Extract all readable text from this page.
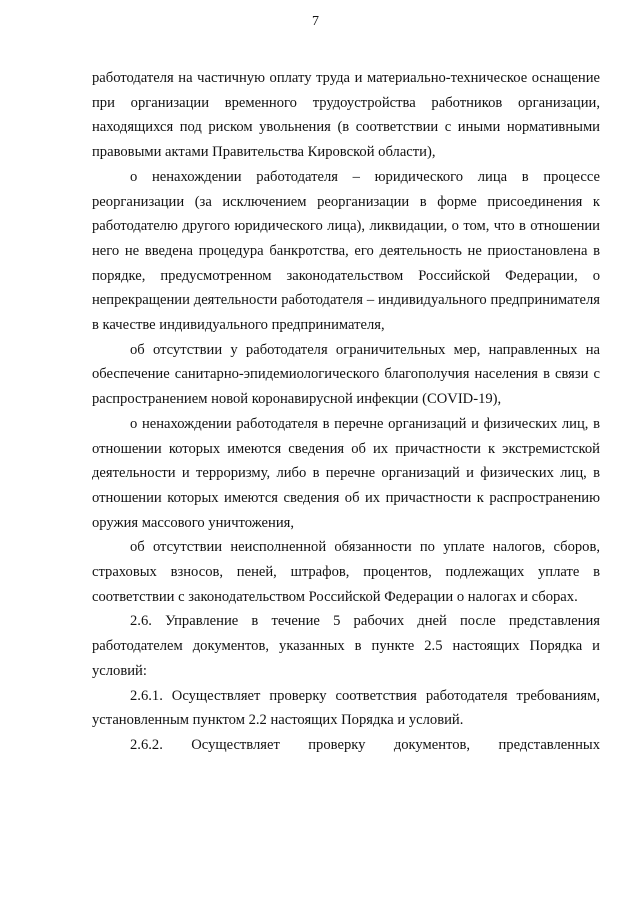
7

работодателя на частичную оплату труда и материально-техническое оснащение при организации временного трудоустройства работников организации, находящихся под риском увольнения (в соответствии с иными нормативными правовыми актами Правительства Кировской области),

о ненахождении работодателя – юридического лица в процессе реорганизации (за исключением реорганизации в форме присоединения к работодателю другого юридического лица), ликвидации, о том, что в отношении него не введена процедура банкротства, его деятельность не приостановлена в порядке, предусмотренном законодательством Российской Федерации, о непрекращении деятельности работодателя – индивидуального предпринимателя в качестве индивидуального предпринимателя,

об отсутствии у работодателя ограничительных мер, направленных на обеспечение санитарно-эпидемиологического благополучия населения в связи с распространением новой коронавирусной инфекции (COVID-19),

о ненахождении работодателя в перечне организаций и физических лиц, в отношении которых имеются сведения об их причастности к экстремистской деятельности и терроризму, либо в перечне организаций и физических лиц, в отношении которых имеются сведения об их причастности к распространению оружия массового уничтожения,

об отсутствии неисполненной обязанности по уплате налогов, сборов, страховых взносов, пеней, штрафов, процентов, подлежащих уплате в соответствии с законодательством Российской Федерации о налогах и сборах.

2.6. Управление в течение 5 рабочих дней после представления работодателем документов, указанных в пункте 2.5 настоящих Порядка и условий:

2.6.1. Осуществляет проверку соответствия работодателя требованиям, установленным пунктом 2.2 настоящих Порядка и условий.

2.6.2. Осуществляет проверку документов, представленных
